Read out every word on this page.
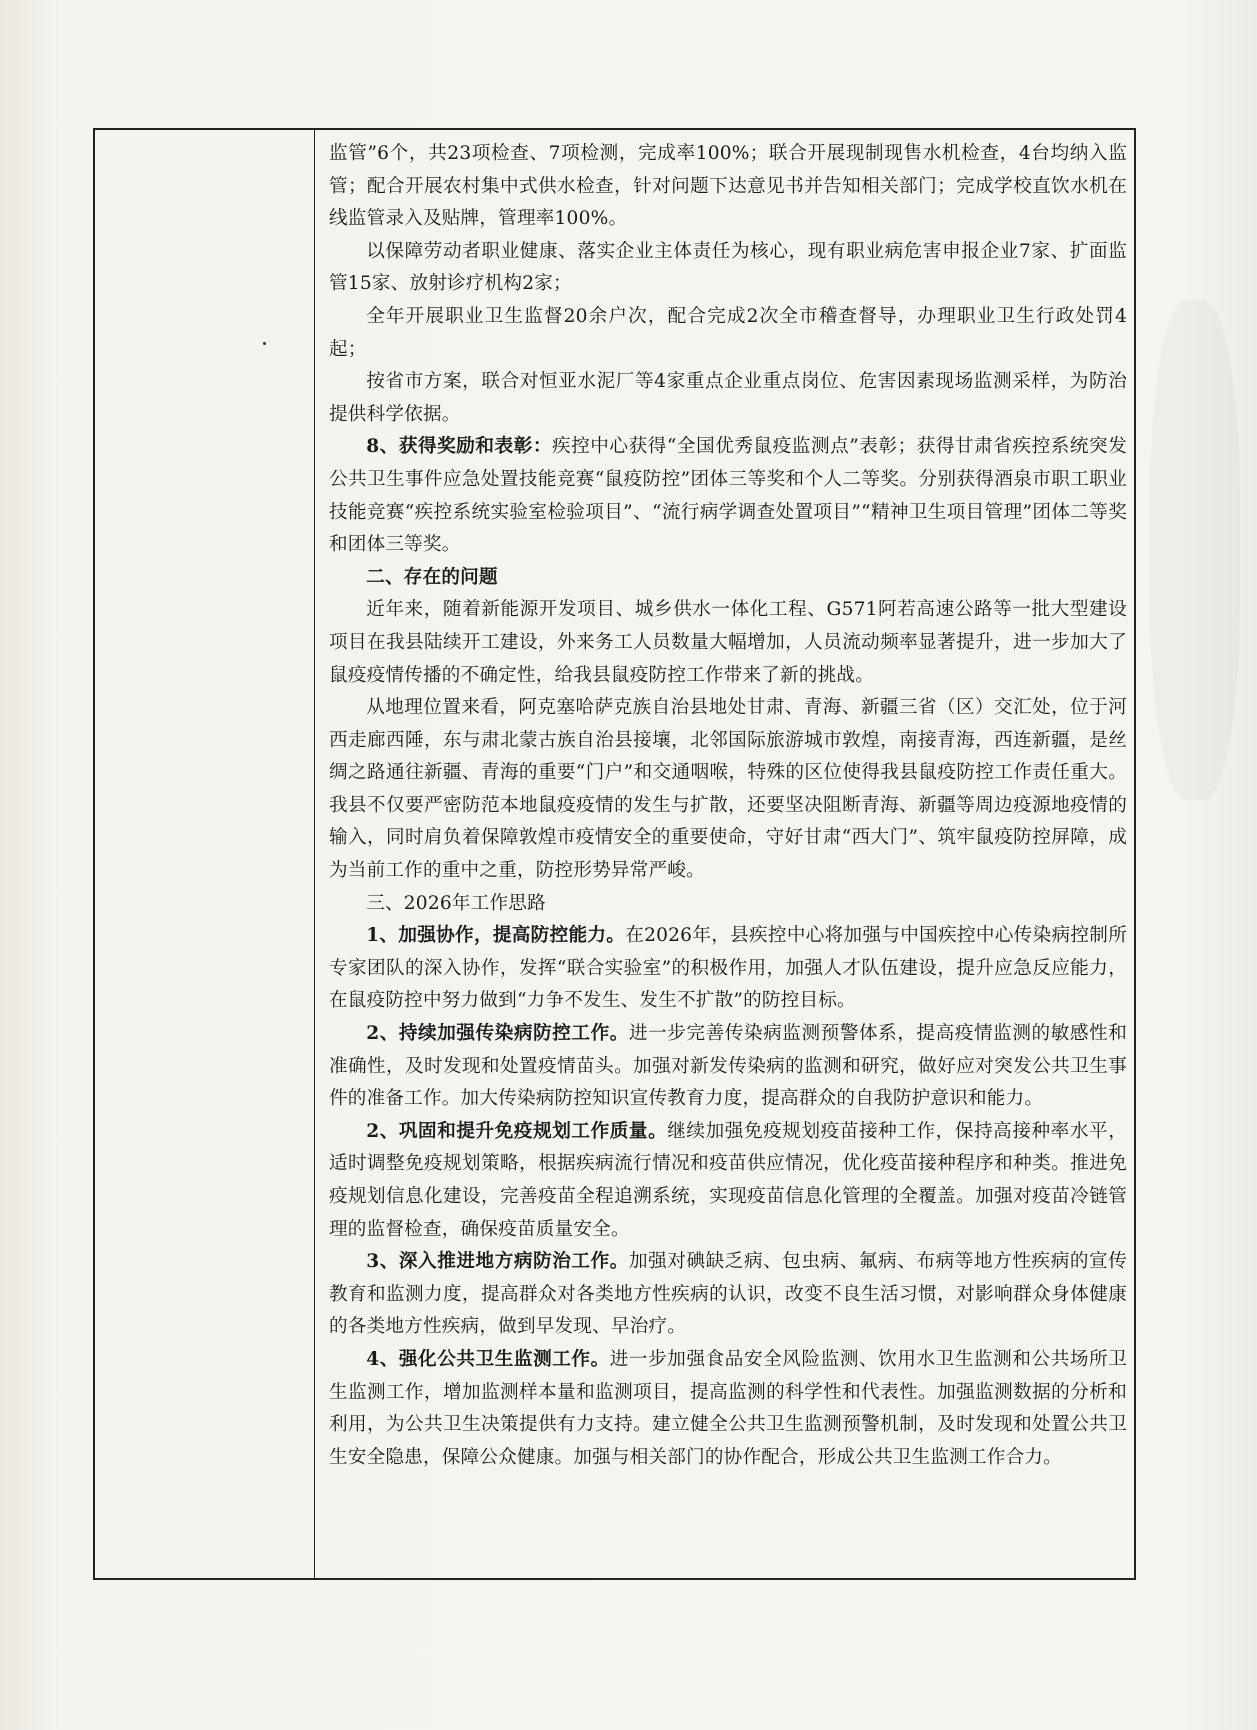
监管”6个，共23项检查、7项检测，完成率100%；联合开展现制现售水机检查，4台均纳入监管；配合开展农村集中式供水检查，针对问题下达意见书并告知相关部门；完成学校直饮水机在线监管录入及贴牌，管理率100%。

以保障劳动者职业健康、落实企业主体责任为核心，现有职业病危害申报企业7家、扩面监管15家、放射诊疗机构2家；

全年开展职业卫生监督20余户次，配合完成2次全市稽查督导，办理职业卫生行政处罚4起；

按省市方案，联合对恒亚水泥厂等4家重点企业重点岗位、危害因素现场监测采样，为防治提供科学依据。

8、获得奖励和表彰：疾控中心获得“全国优秀鼠疫监测点”表彰；获得甘肃省疾控系统突发公共卫生事件应急处置技能竞赛“鼠疫防控”团体三等奖和个人二等奖。分别获得酒泉市职工职业技能竞赛“疾控系统实验室检验项目”、“流行病学调查处置项目”“精神卫生项目管理”团体二等奖和团体三等奖。

二、存在的问题

近年来，随着新能源开发项目、城乡供水一体化工程、G571阿若高速公路等一批大型建设项目在我县陆续开工建设，外来务工人员数量大幅增加，人员流动频率显著提升，进一步加大了鼠疫疫情传播的不确定性，给我县鼠疫防控工作带来了新的挑战。

从地理位置来看，阿克塞哈萨克族自治县地处甘肃、青海、新疆三省（区）交汇处，位于河西走廊西陲，东与肃北蒙古族自治县接壤，北邻国际旅游城市敦煌，南接青海，西连新疆，是丝绸之路通往新疆、青海的重要“门户”和交通咽喉，特殊的区位使得我县鼠疫防控工作责任重大。我县不仅要严密防范本地鼠疫疫情的发生与扩散，还要坚决阻断青海、新疆等周边疫源地疫情的输入，同时肩负着保障敦煌市疫情安全的重要使命，守好甘肃“西大门”、筑牢鼠疫防控屏障，成为当前工作的重中之重，防控形势异常严峻。

三、2026年工作思路

1、加强协作，提高防控能力。在2026年，县疾控中心将加强与中国疾控中心传染病控制所专家团队的深入协作，发挥“联合实验室”的积极作用，加强人才队伍建设，提升应急反应能力，在鼠疫防控中努力做到“力争不发生、发生不扩散”的防控目标。

2、持续加强传染病防控工作。进一步完善传染病监测预警体系，提高疫情监测的敏感性和准确性，及时发现和处置疫情苗头。加强对新发传染病的监测和研究，做好应对突发公共卫生事件的准备工作。加大传染病防控知识宣传教育力度，提高群众的自我防护意识和能力。

2、巩固和提升免疫规划工作质量。继续加强免疫规划疫苗接种工作，保持高接种率水平，适时调整免疫规划策略，根据疾病流行情况和疫苗供应情况，优化疫苗接种程序和种类。推进免疫规划信息化建设，完善疫苗全程追溯系统，实现疫苗信息化管理的全覆盖。加强对疫苗冷链管理的监督检查，确保疫苗质量安全。

3、深入推进地方病防治工作。加强对碘缺乏病、包虫病、氟病、布病等地方性疾病的宣传教育和监测力度，提高群众对各类地方性疾病的认识，改变不良生活习惯，对影响群众身体健康的各类地方性疾病，做到早发现、早治疗。

4、强化公共卫生监测工作。进一步加强食品安全风险监测、饮用水卫生监测和公共场所卫生监测工作，增加监测样本量和监测项目，提高监测的科学性和代表性。加强监测数据的分析和利用，为公共卫生决策提供有力支持。建立健全公共卫生监测预警机制，及时发现和处置公共卫生安全隐患，保障公众健康。加强与相关部门的协作配合，形成公共卫生监测工作合力。
